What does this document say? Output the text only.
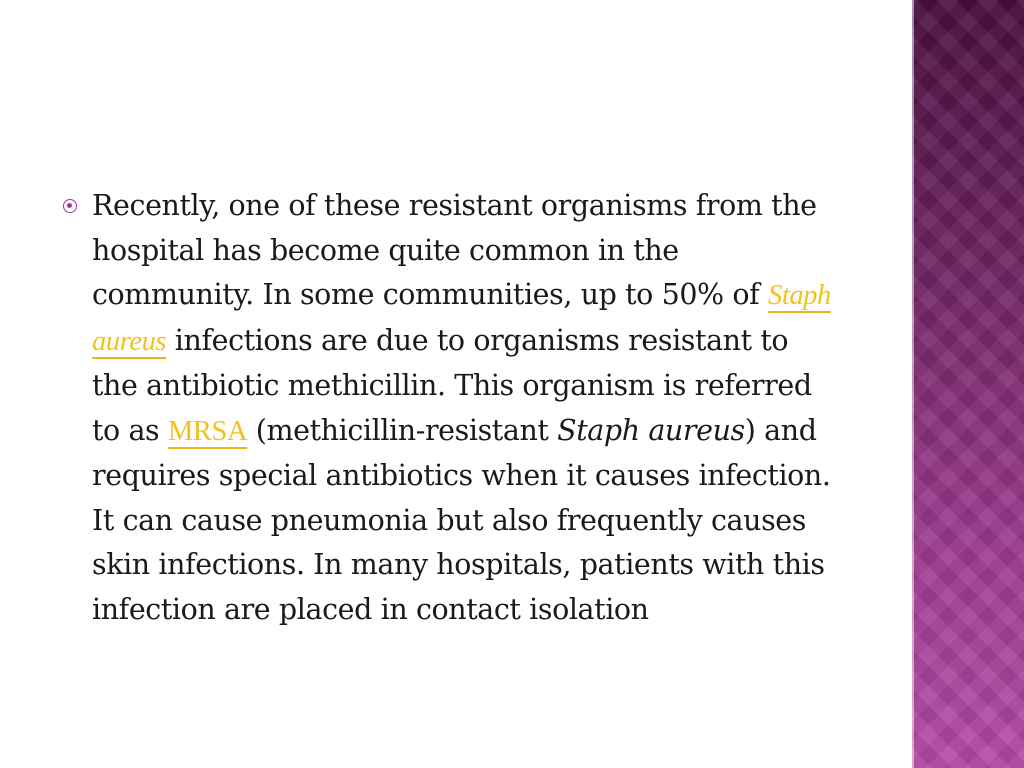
Recently, one of these resistant organisms from the hospital has become quite common in the community. In some communities, up to 50% of Staph aureus infections are due to organisms resistant to the antibiotic methicillin. This organism is referred to as MRSA (methicillin-resistant Staph aureus) and requires special antibiotics when it causes infection. It can cause pneumonia but also frequently causes skin infections. In many hospitals, patients with this infection are placed in contact isolation
